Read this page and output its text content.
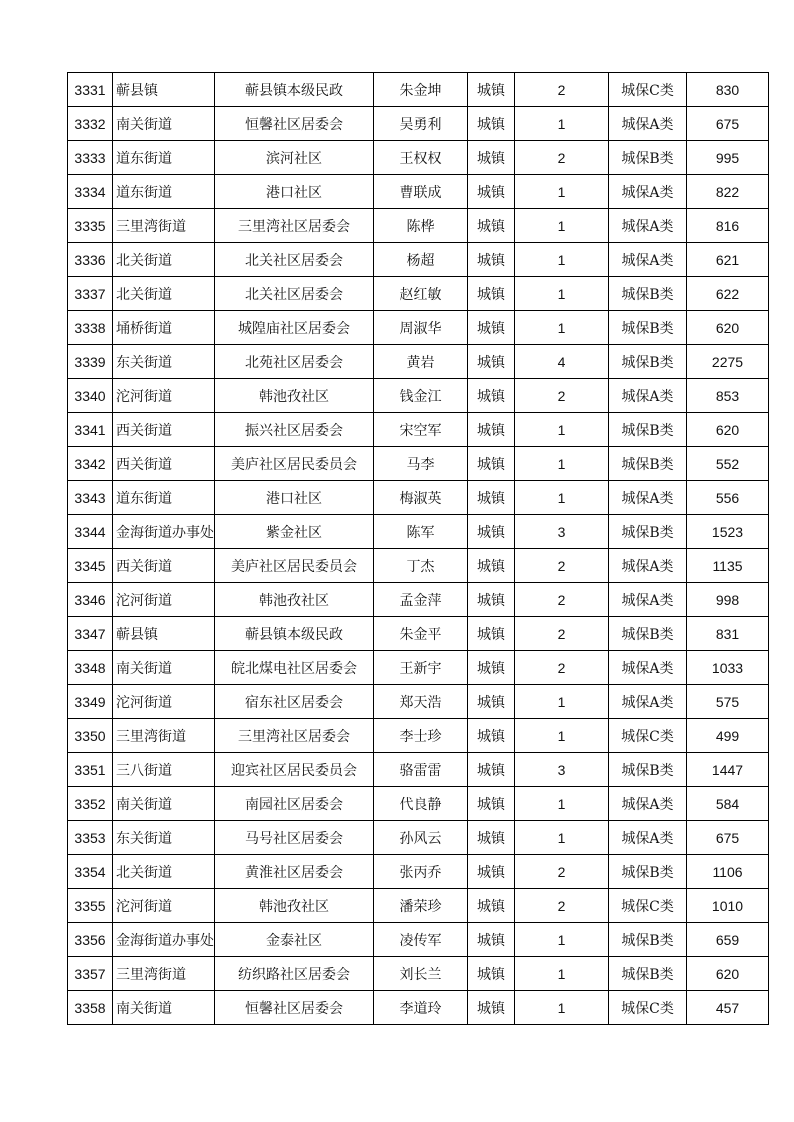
3331	蕲县镇	蕲县镇本级民政	朱金坤	城镇	2	城保C类	830
3332	南关街道	恒馨社区居委会	吴勇利	城镇	1	城保A类	675
3333	道东街道	滨河社区	王权权	城镇	2	城保B类	995
3334	道东街道	港口社区	曹联成	城镇	1	城保A类	822
3335	三里湾街道	三里湾社区居委会	陈桦	城镇	1	城保A类	816
3336	北关街道	北关社区居委会	杨超	城镇	1	城保A类	621
3337	北关街道	北关社区居委会	赵红敏	城镇	1	城保B类	622
3338	埇桥街道	城隍庙社区居委会	周淑华	城镇	1	城保B类	620
3339	东关街道	北苑社区居委会	黄岩	城镇	4	城保B类	2275
3340	沱河街道	韩池孜社区	钱金江	城镇	2	城保A类	853
3341	西关街道	振兴社区居委会	宋空军	城镇	1	城保B类	620
3342	西关街道	美庐社区居民委员会	马李	城镇	1	城保B类	552
3343	道东街道	港口社区	梅淑英	城镇	1	城保A类	556
3344	金海街道办事处	紫金社区	陈军	城镇	3	城保B类	1523
3345	西关街道	美庐社区居民委员会	丁杰	城镇	2	城保A类	1135
3346	沱河街道	韩池孜社区	孟金萍	城镇	2	城保A类	998
3347	蕲县镇	蕲县镇本级民政	朱金平	城镇	2	城保B类	831
3348	南关街道	皖北煤电社区居委会	王新宇	城镇	2	城保A类	1033
3349	沱河街道	宿东社区居委会	郑天浩	城镇	1	城保A类	575
3350	三里湾街道	三里湾社区居委会	李士珍	城镇	1	城保C类	499
3351	三八街道	迎宾社区居民委员会	骆雷雷	城镇	3	城保B类	1447
3352	南关街道	南园社区居委会	代良静	城镇	1	城保A类	584
3353	东关街道	马号社区居委会	孙风云	城镇	1	城保A类	675
3354	北关街道	黄淮社区居委会	张丙乔	城镇	2	城保B类	1106
3355	沱河街道	韩池孜社区	潘荣珍	城镇	2	城保C类	1010
3356	金海街道办事处	金泰社区	凌传军	城镇	1	城保B类	659
3357	三里湾街道	纺织路社区居委会	刘长兰	城镇	1	城保B类	620
3358	南关街道	恒馨社区居委会	李道玲	城镇	1	城保C类	457
